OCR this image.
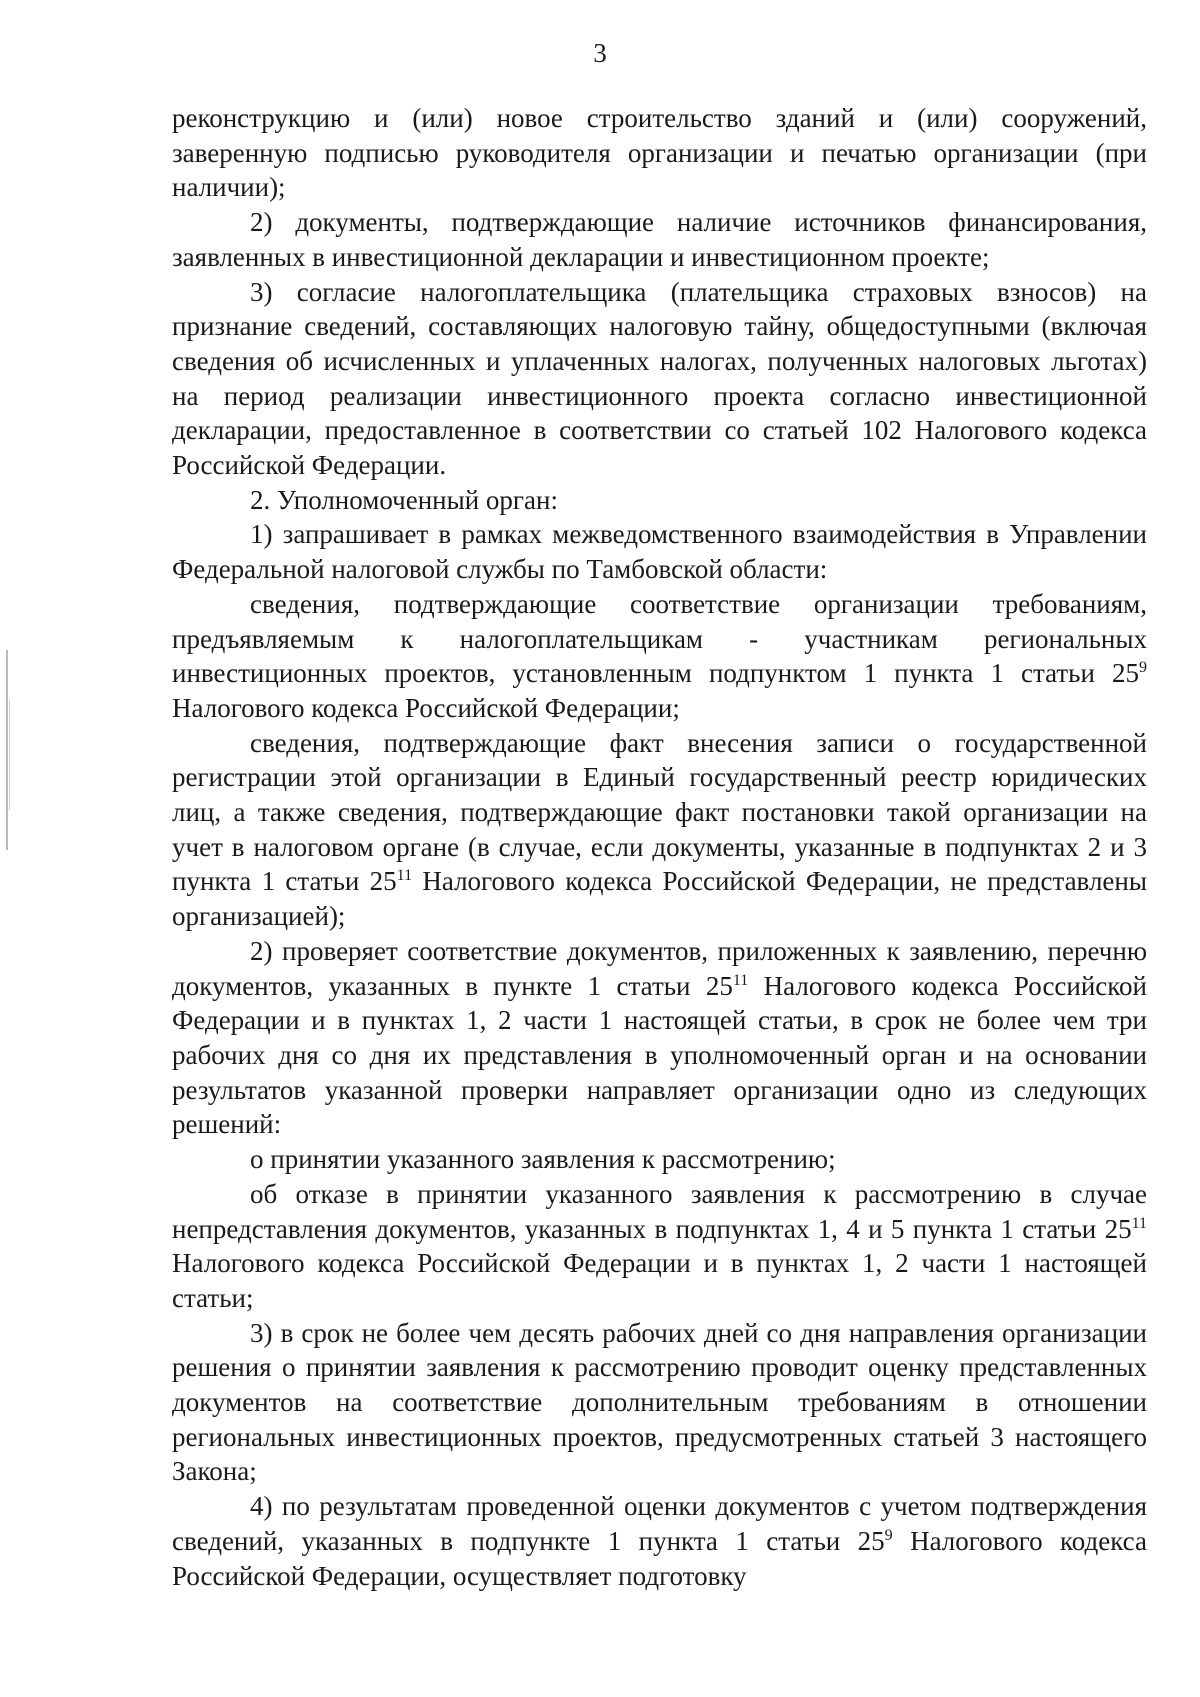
3

реконструкцию и (или) новое строительство зданий и (или) сооружений, заверенную подписью руководителя организации и печатью организации (при наличии);

2) документы, подтверждающие наличие источников финансирования, заявленных в инвестиционной декларации и инвестиционном проекте;

3) согласие налогоплательщика (плательщика страховых взносов) на признание сведений, составляющих налоговую тайну, общедоступными (включая сведения об исчисленных и уплаченных налогах, полученных налоговых льготах) на период реализации инвестиционного проекта согласно инвестиционной декларации, предоставленное в соответствии со статьей 102 Налогового кодекса Российской Федерации.

2. Уполномоченный орган:

1) запрашивает в рамках межведомственного взаимодействия в Управлении Федеральной налоговой службы по Тамбовской области:

сведения, подтверждающие соответствие организации требованиям, предъявляемым к налогоплательщикам - участникам региональных инвестиционных проектов, установленным подпунктом 1 пункта 1 статьи $25^9$ Налогового кодекса Российской Федерации;

сведения, подтверждающие факт внесения записи о государственной регистрации этой организации в Единый государственный реестр юридических лиц, а также сведения, подтверждающие факт постановки такой организации на учет в налоговом органе (в случае, если документы, указанные в подпунктах 2 и 3 пункта 1 статьи $25^{11}$ Налогового кодекса Российской Федерации, не представлены организацией);

2) проверяет соответствие документов, приложенных к заявлению, перечню документов, указанных в пункте 1 статьи $25^{11}$ Налогового кодекса Российской Федерации и в пунктах 1, 2 части 1 настоящей статьи, в срок не более чем три рабочих дня со дня их представления в уполномоченный орган и на основании результатов указанной проверки направляет организации одно из следующих решений:

о принятии указанного заявления к рассмотрению;

об отказе в принятии указанного заявления к рассмотрению в случае непредставления документов, указанных в подпунктах 1, 4 и 5 пункта 1 статьи $25^{11}$ Налогового кодекса Российской Федерации и в пунктах 1, 2 части 1 настоящей статьи;

3) в срок не более чем десять рабочих дней со дня направления организации решения о принятии заявления к рассмотрению проводит оценку представленных документов на соответствие дополнительным требованиям в отношении региональных инвестиционных проектов, предусмотренных статьей 3 настоящего Закона;

4) по результатам проведенной оценки документов с учетом подтверждения сведений, указанных в подпункте 1 пункта 1 статьи $25^9$ Налогового кодекса Российской Федерации, осуществляет подготовку
